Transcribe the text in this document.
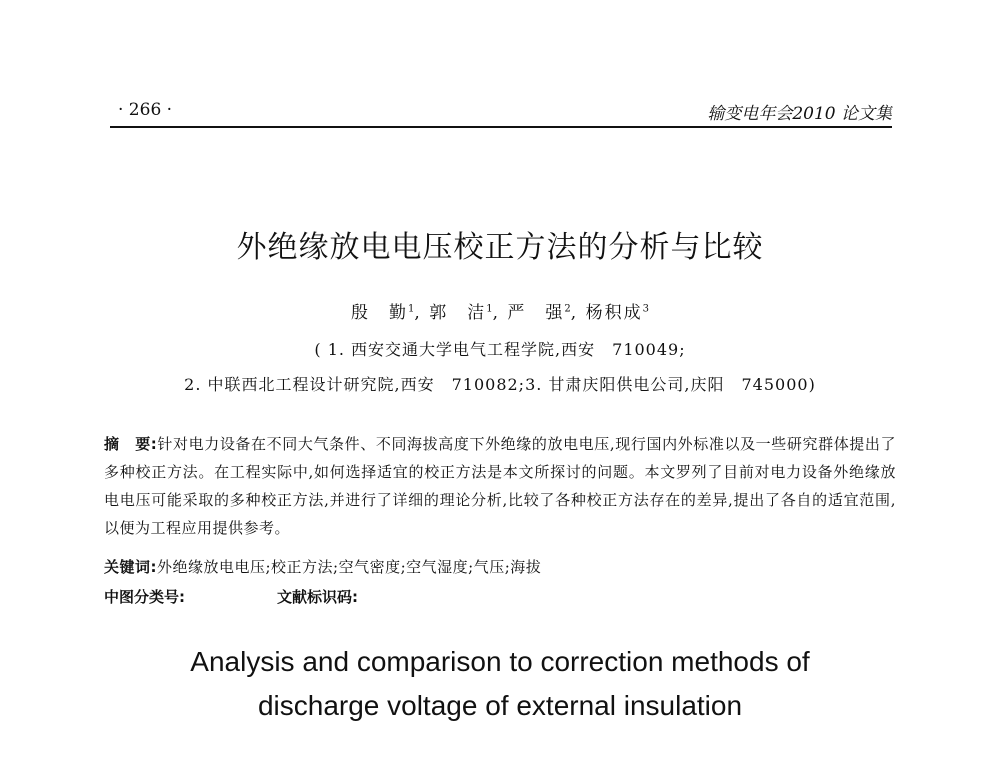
· 266 ·	输变电年会2010 论文集
外绝缘放电电压校正方法的分析与比较
殷　勤$^1$, 郭　洁$^1$, 严　强$^2$, 杨积成$^3$
( 1. 西安交通大学电气工程学院,西安　710049;
2. 中联西北工程设计研究院,西安　710082;3. 甘肃庆阳供电公司,庆阳　745000)
摘　要:针对电力设备在不同大气条件、不同海拔高度下外绝缘的放电电压,现行国内外标准以及一些研究群体提出了多种校正方法。在工程实际中,如何选择适宜的校正方法是本文所探讨的问题。本文罗列了目前对电力设备外绝缘放电电压可能采取的多种校正方法,并进行了详细的理论分析,比较了各种校正方法存在的差异,提出了各自的适宜范围,以便为工程应用提供参考。
关键词:外绝缘放电电压;校正方法;空气密度;空气湿度;气压;海拔
中图分类号:	文献标识码:
Analysis and comparison to correction methods of
discharge voltage of external insulation
